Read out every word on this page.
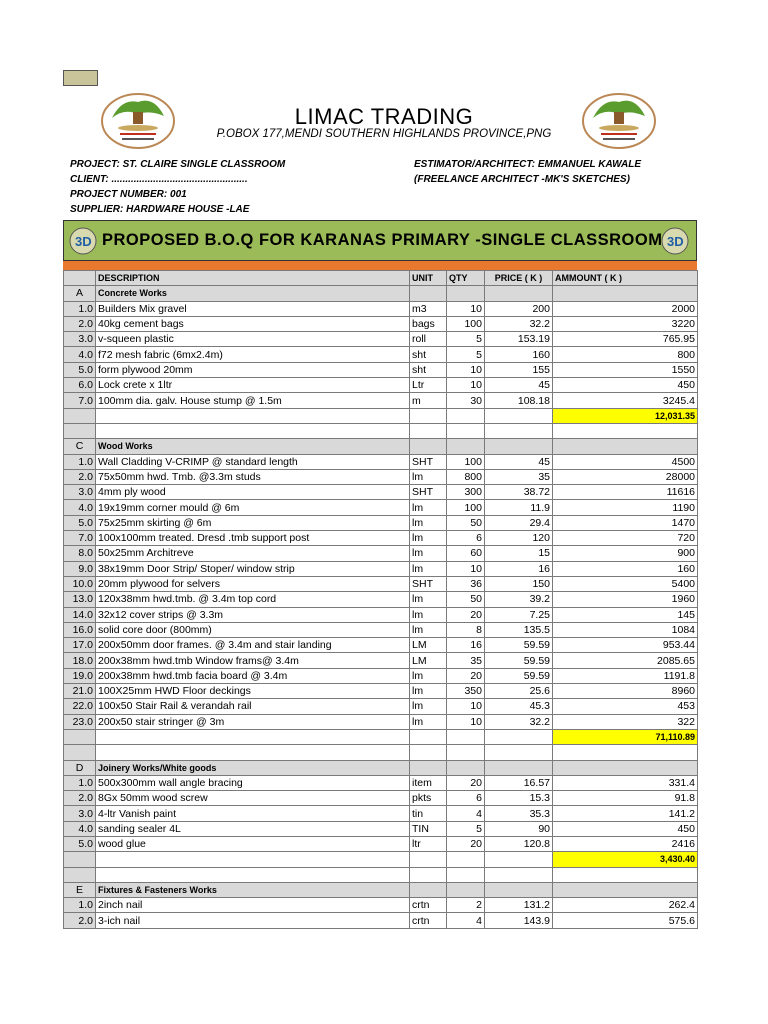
LIMAC TRADING
P.OBOX 177,MENDI SOUTHERN HIGHLANDS PROVINCE,PNG
PROJECT: ST. CLAIRE SINGLE CLASSROOM
CLIENT: .................................................
PROJECT NUMBER: 001
SUPPLIER: HARDWARE HOUSE -LAE
ESTIMATOR/ARCHITECT: EMMANUEL KAWALE
(FREELANCE ARCHITECT -MK'S SKETCHES)
3D PROPOSED B.O.Q FOR KARANAS PRIMARY -SINGLE CLASSROOM 3D
	DESCRIPTION	UNIT	QTY	PRICE ( K )	AMMOUNT ( K )
A	Concrete Works				
1.0	Builders Mix gravel	m3	10	200	2000
2.0	40kg cement bags	bags	100	32.2	3220
3.0	v-squeen plastic	roll	5	153.19	765.95
4.0	f72 mesh fabric (6mx2.4m)	sht	5	160	800
5.0	form plywood 20mm	sht	10	155	1550
6.0	Lock crete x 1ltr	Ltr	10	45	450
7.0	100mm dia. galv. House stump @ 1.5m	m	30	108.18	3245.4
					12,031.35

C	Wood Works				
1.0	Wall Cladding V-CRIMP @ standard length	SHT	100	45	4500
2.0	75x50mm hwd. Tmb. @3.3m studs	lm	800	35	28000
3.0	4mm ply wood	SHT	300	38.72	11616
4.0	19x19mm corner mould @ 6m	lm	100	11.9	1190
5.0	75x25mm skirting @ 6m	lm	50	29.4	1470
7.0	100x100mm treated. Dresd .tmb support post	lm	6	120	720
8.0	50x25mm Architreve	lm	60	15	900
9.0	38x19mm Door Strip/ Stoper/ window strip	lm	10	16	160
10.0	20mm plywood for selvers	SHT	36	150	5400
13.0	120x38mm hwd.tmb. @ 3.4m top cord	lm	50	39.2	1960
14.0	32x12 cover strips @ 3.3m	lm	20	7.25	145
16.0	solid core door (800mm)	lm	8	135.5	1084
17.0	200x50mm door frames. @ 3.4m and stair landing	LM	16	59.59	953.44
18.0	200x38mm hwd.tmb Window frams@ 3.4m	LM	35	59.59	2085.65
19.0	200x38mm hwd.tmb facia board @ 3.4m	lm	20	59.59	1191.8
21.0	100X25mm HWD Floor deckings	lm	350	25.6	8960
22.0	100x50 Stair Rail & verandah rail	lm	10	45.3	453
23.0	200x50 stair stringer @ 3m	lm	10	32.2	322
					71,110.89

D	Joinery Works/White goods				
1.0	500x300mm wall angle bracing	item	20	16.57	331.4
2.0	8Gx 50mm wood screw	pkts	6	15.3	91.8
3.0	4-ltr Vanish paint	tin	4	35.3	141.2
4.0	sanding sealer 4L	TIN	5	90	450
5.0	wood glue	ltr	20	120.8	2416
					3,430.40

E	Fixtures & Fasteners Works				
1.0	2inch nail	crtn	2	131.2	262.4
2.0	3-ich nail	crtn	4	143.9	575.6
